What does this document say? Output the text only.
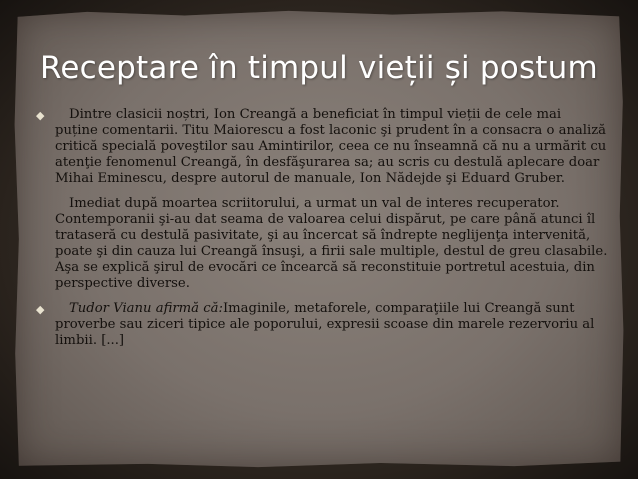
Receptare în timpul vieții și postum

◆ Dintre clasicii noștri, Ion Creangă a beneficiat în timpul vieții de cele mai puține comentarii. Titu Maiorescu a fost laconic şi prudent în a consacra o analiză critică specială poveştilor sau Amintirilor, ceea ce nu înseamnă că nu a urmărit cu atenţie fenomenul Creangă, în desfăşurarea sa; au scris cu destulă aplecare doar Mihai Eminescu, despre autorul de manuale, Ion Nădejde şi Eduard Gruber.

Imediat după moartea scriitorului, a urmat un val de interes recuperator. Contemporanii şi-au dat seama de valoarea celui dispărut, pe care până atunci îl trataseră cu destulă pasivitate, şi au încercat să îndrepte neglijenţa intervenită, poate şi din cauza lui Creangă însuşi, a firii sale multiple, destul de greu clasabile. Aşa se explică şirul de evocări ce încearcă să reconstituie portretul acestuia, din perspective diverse.

◆ Tudor Vianu afirmă că:Imaginile, metaforele, comparaţiile lui Creangă sunt proverbe sau ziceri tipice ale poporului, expresii scoase din marele rezervoriu al limbii. [...]
